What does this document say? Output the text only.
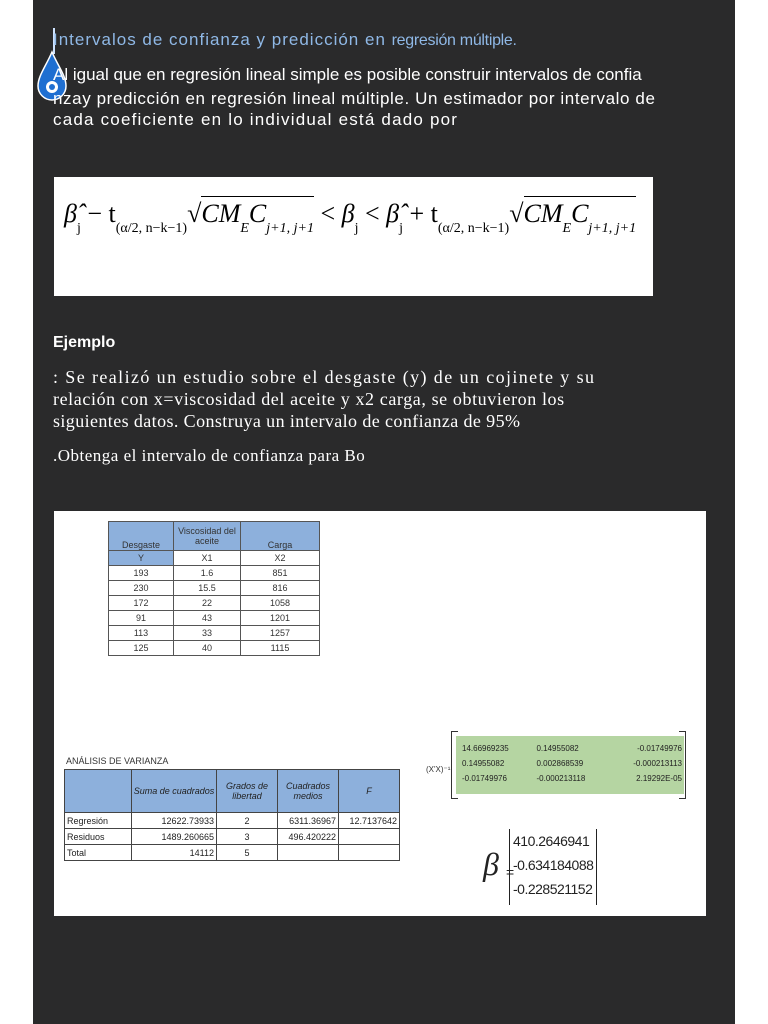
Intervalos de confianza y predicción en regresión múltiple.
Al igual que en regresión lineal simple es posible construir intervalos de confia
nzay predicción en regresión lineal múltiple. Un estimador por intervalo de
cada coeficiente en lo individual está dado por
$\betâ_j - t_{(\alpha/2, n-k-1)}√CM_EC_{j+1, j+1} < \beta_j$ < $\betâ_j + t_{(\alpha/2, n-k-1)}√CM_EC_{j+1, j+1}$
Ejemplo
: Se realizó un estudio sobre el desgaste (y) de un cojinete y su
relación con x=viscosidad del aceite y x2 carga, se obtuvieron los
siguientes datos. Construya un intervalo de confianza de 95%
.Obtenga el intervalo de confianza para Bo
Desgaste	Viscosidad del aceite	Carga
Y	X1	X2
193	1.6	851
230	15.5	816
172	22	1058
91	43	1201
113	33	1257
125	40	1115
ANÁLISIS DE VARIANZA
	Suma de cuadrados	Grados de libertad	Cuadrados medios	F
Regresión	12622.73933	2	6311.36967	12.7137642
Residuos	1489.260665	3	496.420222	
Total	14112	5		
(X'X)⁻¹
14.66969235	0.14955082	-0.01749976
0.14955082	0.002868539	-0.000213113
-0.01749976	-0.000213118	2.19292E-05
β =
410.2646941
-0.634184088
-0.228521152
